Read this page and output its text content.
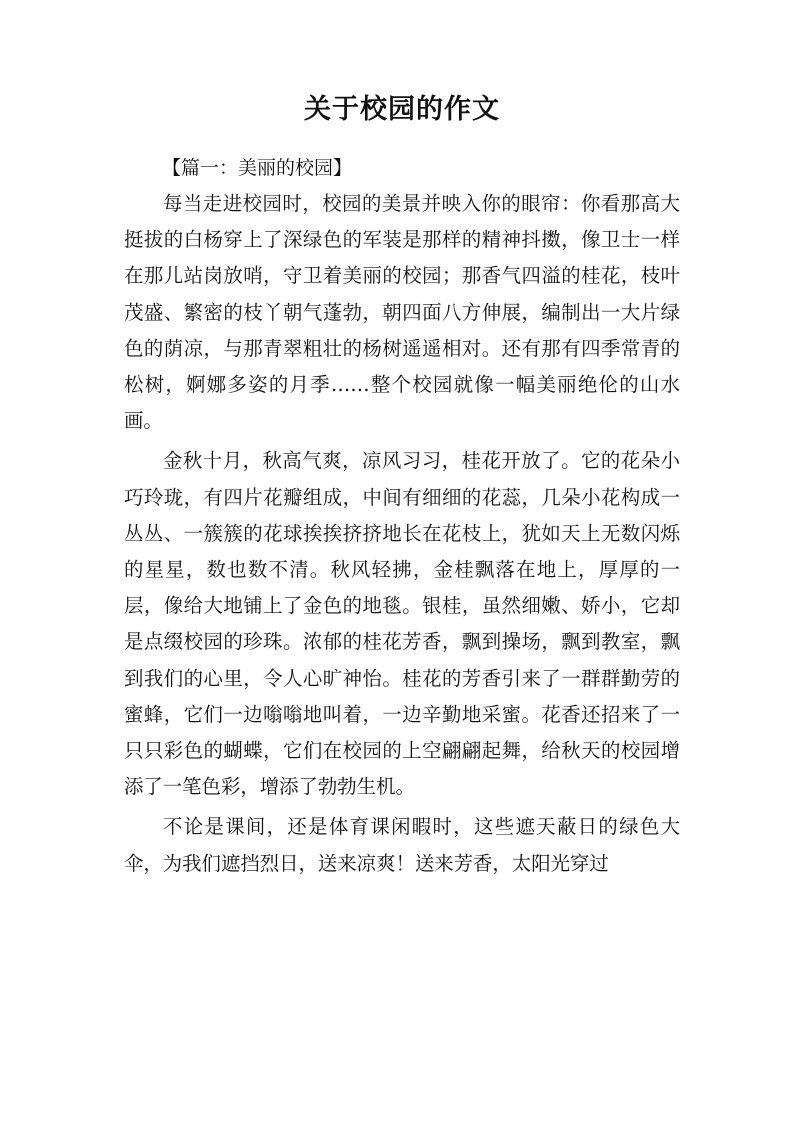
关于校园的作文

【篇一：美丽的校园】

每当走进校园时，校园的美景并映入你的眼帘：你看那高大挺拔的白杨穿上了深绿色的军装是那样的精神抖擞，像卫士一样在那儿站岗放哨，守卫着美丽的校园；那香气四溢的桂花，枝叶茂盛、繁密的枝丫朝气蓬勃，朝四面八方伸展，编制出一大片绿色的荫凉，与那青翠粗壮的杨树遥遥相对。还有那有四季常青的松树，婀娜多姿的月季……整个校园就像一幅美丽绝伦的山水画。

金秋十月，秋高气爽，凉风习习，桂花开放了。它的花朵小巧玲珑，有四片花瓣组成，中间有细细的花蕊，几朵小花构成一丛丛、一簇簇的花球挨挨挤挤地长在花枝上，犹如天上无数闪烁的星星，数也数不清。秋风轻拂，金桂飘落在地上，厚厚的一层，像给大地铺上了金色的地毯。银桂，虽然细嫩、娇小，它却是点缀校园的珍珠。浓郁的桂花芳香，飘到操场，飘到教室，飘到我们的心里，令人心旷神怡。桂花的芳香引来了一群群勤劳的蜜蜂，它们一边嗡嗡地叫着，一边辛勤地采蜜。花香还招来了一只只彩色的蝴蝶，它们在校园的上空翩翩起舞，给秋天的校园增添了一笔色彩，增添了勃勃生机。

不论是课间，还是体育课闲暇时，这些遮天蔽日的绿色大伞，为我们遮挡烈日，送来凉爽！送来芳香，太阳光穿过
